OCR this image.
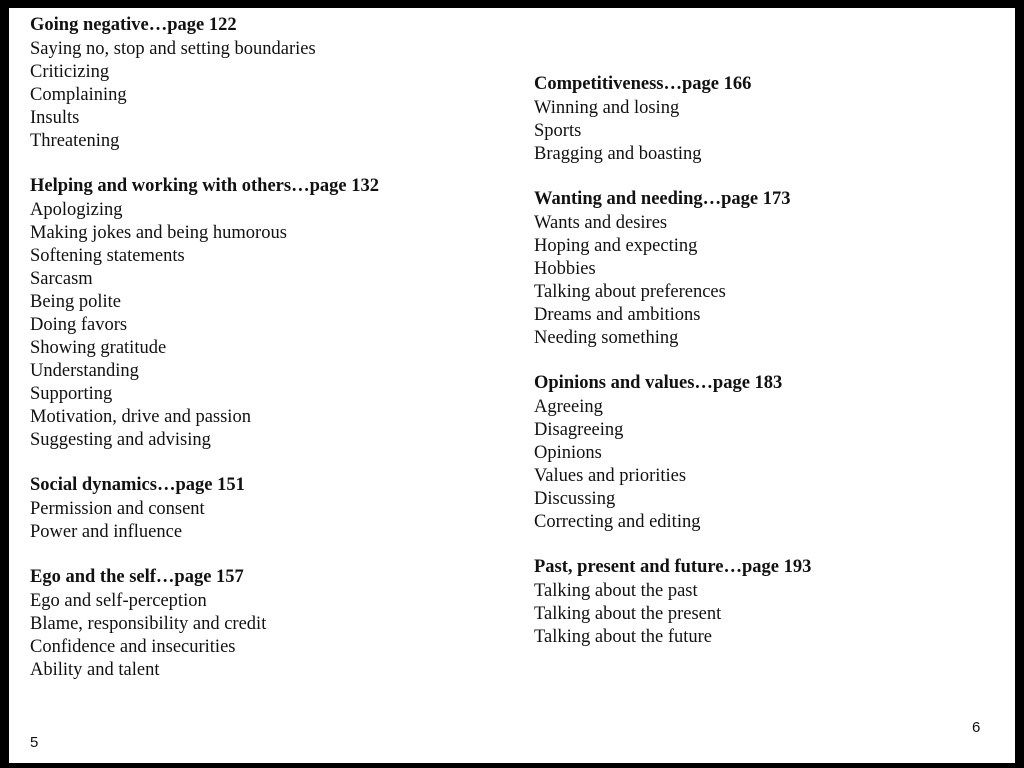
Going negative…page 122
Saying no, stop and setting boundaries
Criticizing
Complaining
Insults
Threatening
Helping and working with others…page 132
Apologizing
Making jokes and being humorous
Softening statements
Sarcasm
Being polite
Doing favors
Showing gratitude
Understanding
Supporting
Motivation, drive and passion
Suggesting and advising
Social dynamics…page 151
Permission and consent
Power and influence
Ego and the self…page 157
Ego and self-perception
Blame, responsibility and credit
Confidence and insecurities
Ability and talent
Competitiveness…page 166
Winning and losing
Sports
Bragging and boasting
Wanting and needing…page 173
Wants and desires
Hoping and expecting
Hobbies
Talking about preferences
Dreams and ambitions
Needing something
Opinions and values…page 183
Agreeing
Disagreeing
Opinions
Values and priorities
Discussing
Correcting and editing
Past, present and future…page 193
Talking about the past
Talking about the present
Talking about the future
5
6
